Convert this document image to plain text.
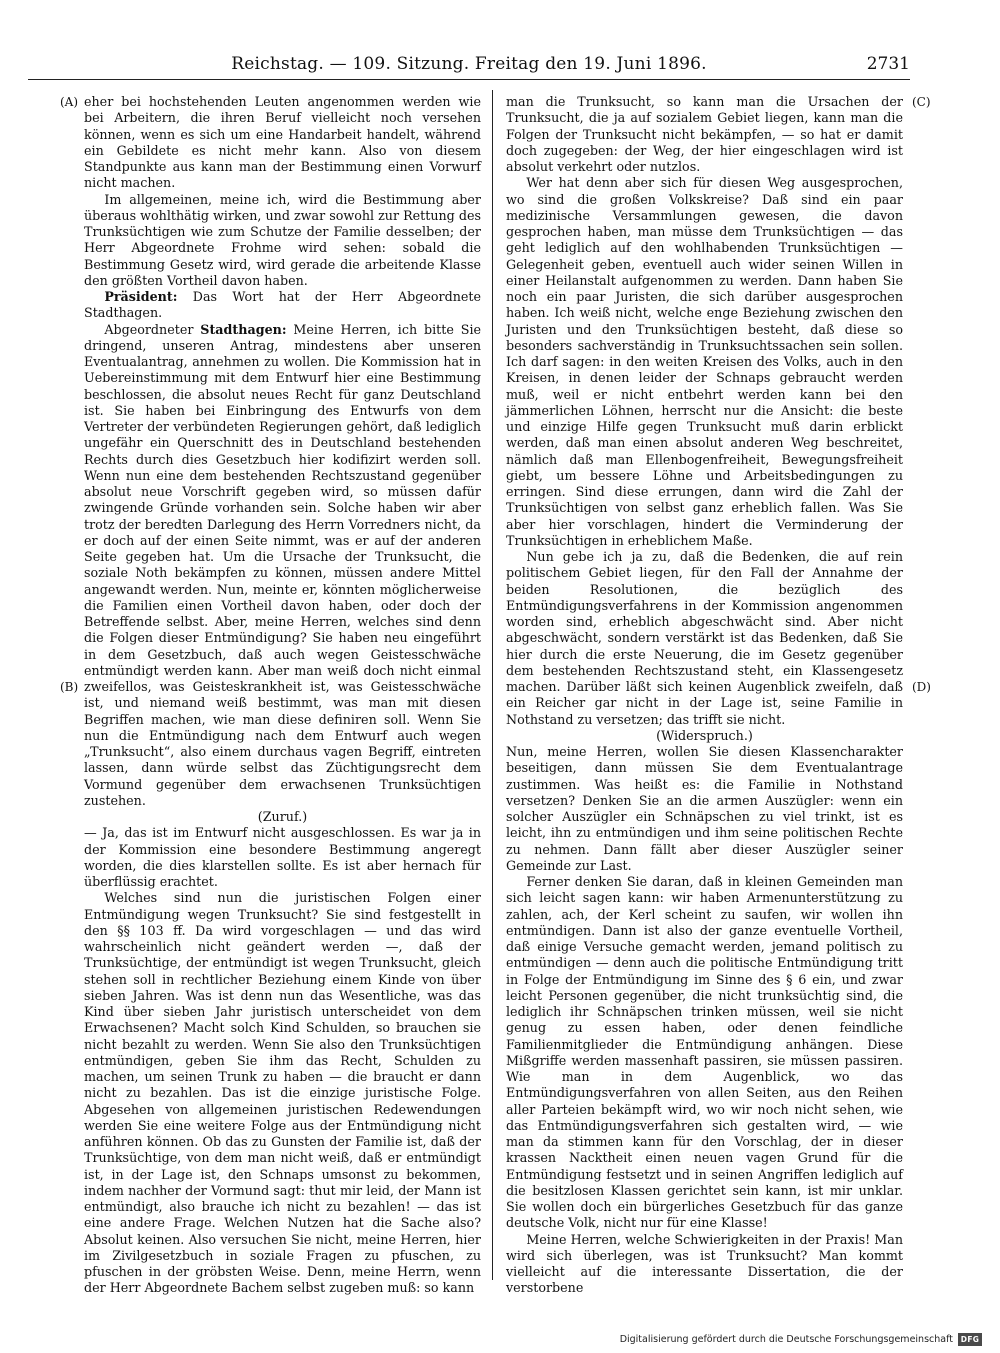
Reichstag. — 109. Sitzung. Freitag den 19. Juni 1896.	2731
(A)
(B)
(C)
(D)

eher bei hochstehenden Leuten angenommen werden wie bei Arbeitern, die ihren Beruf vielleicht noch versehen können, wenn es sich um eine Handarbeit handelt, während ein Gebildete es nicht mehr kann. Also von diesem Standpunkte aus kann man der Bestimmung einen Vorwurf nicht machen.

Im allgemeinen, meine ich, wird die Bestimmung aber überaus wohlthätig wirken, und zwar sowohl zur Rettung des Trunksüchtigen wie zum Schutze der Familie desselben; der Herr Abgeordnete Frohme wird sehen: sobald die Bestimmung Gesetz wird, wird gerade die arbeitende Klasse den größten Vortheil davon haben.

Präsident: Das Wort hat der Herr Abgeordnete Stadthagen.

Abgeordneter Stadthagen: Meine Herren, ich bitte Sie dringend, unseren Antrag, mindestens aber unseren Eventualantrag, annehmen zu wollen. Die Kommission hat in Uebereinstimmung mit dem Entwurf hier eine Bestimmung beschlossen, die absolut neues Recht für ganz Deutschland ist. Sie haben bei Einbringung des Entwurfs von dem Vertreter der verbündeten Regierungen gehört, daß lediglich ungefähr ein Querschnitt des in Deutschland bestehenden Rechts durch dies Gesetzbuch hier kodifizirt werden soll. Wenn nun eine dem bestehenden Rechtszustand gegenüber absolut neue Vorschrift gegeben wird, so müssen dafür zwingende Gründe vorhanden sein. Solche haben wir aber trotz der beredten Darlegung des Herrn Vorredners nicht, da er doch auf der einen Seite nimmt, was er auf der anderen Seite gegeben hat. Um die Ursache der Trunksucht, die soziale Noth bekämpfen zu können, müssen andere Mittel angewandt werden. Nun, meinte er, könnten möglicherweise die Familien einen Vortheil davon haben, oder doch der Betreffende selbst. Aber, meine Herren, welches sind denn die Folgen dieser Entmündigung? Sie haben neu eingeführt in dem Gesetzbuch, daß auch wegen Geistesschwäche entmündigt werden kann. Aber man weiß doch nicht einmal zweifellos, was Geisteskrankheit ist, was Geistesschwäche ist, und niemand weiß bestimmt, was man mit diesen Begriffen machen, wie man diese definiren soll. Wenn Sie nun die Entmündigung nach dem Entwurf auch wegen „Trunksucht“, also einem durchaus vagen Begriff, eintreten lassen, dann würde selbst das Züchtigungsrecht dem Vormund gegenüber dem erwachsenen Trunksüchtigen zustehen.

(Zuruf.)

— Ja, das ist im Entwurf nicht ausgeschlossen. Es war ja in der Kommission eine besondere Bestimmung angeregt worden, die dies klarstellen sollte. Es ist aber hernach für überflüssig erachtet.

Welches sind nun die juristischen Folgen einer Entmündigung wegen Trunksucht? Sie sind festgestellt in den §§ 103 ff. Da wird vorgeschlagen — und das wird wahrscheinlich nicht geändert werden —, daß der Trunksüchtige, der entmündigt ist wegen Trunksucht, gleich stehen soll in rechtlicher Beziehung einem Kinde von über sieben Jahren. Was ist denn nun das Wesentliche, was das Kind über sieben Jahr juristisch unterscheidet von dem Erwachsenen? Macht solch Kind Schulden, so brauchen sie nicht bezahlt zu werden. Wenn Sie also den Trunksüchtigen entmündigen, geben Sie ihm das Recht, Schulden zu machen, um seinen Trunk zu haben — die braucht er dann nicht zu bezahlen. Das ist die einzige juristische Folge. Abgesehen von allgemeinen juristischen Redewendungen werden Sie eine weitere Folge aus der Entmündigung nicht anführen können. Ob das zu Gunsten der Familie ist, daß der Trunksüchtige, von dem man nicht weiß, daß er entmündigt ist, in der Lage ist, den Schnaps umsonst zu bekommen, indem nachher der Vormund sagt: thut mir leid, der Mann ist entmündigt, also brauche ich nicht zu bezahlen! — das ist eine andere Frage. Welchen Nutzen hat die Sache also? Absolut keinen. Also versuchen Sie nicht, meine Herren, hier im Zivilgesetzbuch in soziale Fragen zu pfuschen, zu pfuschen in der gröbsten Weise. Denn, meine Herrn, wenn der Herr Abgeordnete Bachem selbst zugeben muß: so kann

man die Trunksucht, so kann man die Ursachen der Trunksucht, die ja auf sozialem Gebiet liegen, kann man die Folgen der Trunksucht nicht bekämpfen, — so hat er damit doch zugegeben: der Weg, der hier eingeschlagen wird ist absolut verkehrt oder nutzlos.

Wer hat denn aber sich für diesen Weg ausgesprochen, wo sind die großen Volkskreise? Daß sind ein paar medizinische Versammlungen gewesen, die davon gesprochen haben, man müsse dem Trunksüchtigen — das geht lediglich auf den wohlhabenden Trunksüchtigen — Gelegenheit geben, eventuell auch wider seinen Willen in einer Heilanstalt aufgenommen zu werden. Dann haben Sie noch ein paar Juristen, die sich darüber ausgesprochen haben. Ich weiß nicht, welche enge Beziehung zwischen den Juristen und den Trunksüchtigen besteht, daß diese so besonders sachverständig in Trunksuchtssachen sein sollen. Ich darf sagen: in den weiten Kreisen des Volks, auch in den Kreisen, in denen leider der Schnaps gebraucht werden muß, weil er nicht entbehrt werden kann bei den jämmerlichen Löhnen, herrscht nur die Ansicht: die beste und einzige Hilfe gegen Trunksucht muß darin erblickt werden, daß man einen absolut anderen Weg beschreitet, nämlich daß man Ellenbogenfreiheit, Bewegungsfreiheit giebt, um bessere Löhne und Arbeitsbedingungen zu erringen. Sind diese errungen, dann wird die Zahl der Trunksüchtigen von selbst ganz erheblich fallen. Was Sie aber hier vorschlagen, hindert die Verminderung der Trunksüchtigen in erheblichem Maße.

Nun gebe ich ja zu, daß die Bedenken, die auf rein politischem Gebiet liegen, für den Fall der Annahme der beiden Resolutionen, die bezüglich des Entmündigungsverfahrens in der Kommission angenommen worden sind, erheblich abgeschwächt sind. Aber nicht abgeschwächt, sondern verstärkt ist das Bedenken, daß Sie hier durch die erste Neuerung, die im Gesetz gegenüber dem bestehenden Rechtszustand steht, ein Klassengesetz machen. Darüber läßt sich keinen Augenblick zweifeln, daß ein Reicher gar nicht in der Lage ist, seine Familie in Nothstand zu versetzen; das trifft sie nicht.

(Widerspruch.)

Nun, meine Herren, wollen Sie diesen Klassencharakter beseitigen, dann müssen Sie dem Eventualantrage zustimmen. Was heißt es: die Familie in Nothstand versetzen? Denken Sie an die armen Auszügler: wenn ein solcher Auszügler ein Schnäpschen zu viel trinkt, ist es leicht, ihn zu entmündigen und ihm seine politischen Rechte zu nehmen. Dann fällt aber dieser Auszügler seiner Gemeinde zur Last.

Ferner denken Sie daran, daß in kleinen Gemeinden man sich leicht sagen kann: wir haben Armenunterstützung zu zahlen, ach, der Kerl scheint zu saufen, wir wollen ihn entmündigen. Dann ist also der ganze eventuelle Vortheil, daß einige Versuche gemacht werden, jemand politisch zu entmündigen — denn auch die politische Entmündigung tritt in Folge der Entmündigung im Sinne des § 6 ein, und zwar leicht Personen gegenüber, die nicht trunksüchtig sind, die lediglich ihr Schnäpschen trinken müssen, weil sie nicht genug zu essen haben, oder denen feindliche Familienmitglieder die Entmündigung anhängen. Diese Mißgriffe werden massenhaft passiren, sie müssen passiren. Wie man in dem Augenblick, wo das Entmündigungsverfahren von allen Seiten, aus den Reihen aller Parteien bekämpft wird, wo wir noch nicht sehen, wie das Entmündigungsverfahren sich gestalten wird, — wie man da stimmen kann für den Vorschlag, der in dieser krassen Nacktheit einen neuen vagen Grund für die Entmündigung festsetzt und in seinen Angriffen lediglich auf die besitzlosen Klassen gerichtet sein kann, ist mir unklar. Sie wollen doch ein bürgerliches Gesetzbuch für das ganze deutsche Volk, nicht nur für eine Klasse!

Meine Herren, welche Schwierigkeiten in der Praxis! Man wird sich überlegen, was ist Trunksucht? Man kommt vielleicht auf die interessante Dissertation, die der verstorbene

Digitalisierung gefördert durch die Deutsche Forschungsgemeinschaft	DFG
